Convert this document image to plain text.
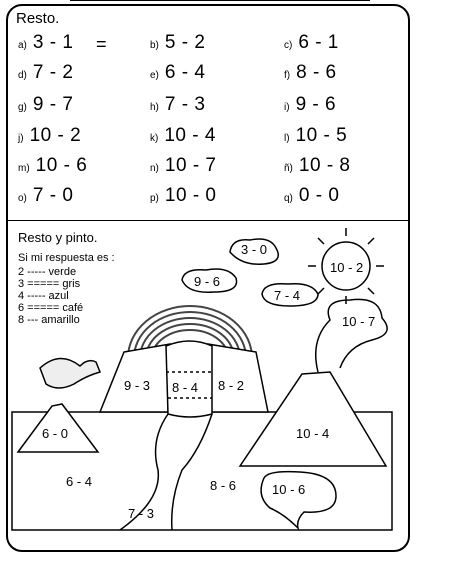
Resto.
=
a) 3 - 1	b) 5 - 2	c) 6 - 1
d) 7 - 2	e) 6 - 4	f) 8 - 6
g) 9 - 7	h) 7 - 3	i) 9 - 6
j) 10 - 2	k) 10 - 4	l) 10 - 5
m) 10 - 6	n) 10 - 7	ñ) 10 - 8
o) 7 - 0	p) 10 - 0	q) 0 - 0
Resto y pinto.
Si mi respuesta es :
2 ----- verde
3 ===== gris
4 ----- azul
6 ===== café
8 --- amarillo
3 - 0
10 - 2
9 - 6
7 - 4
10 - 7
9 - 3 8 - 4 8 - 2
6 - 0	10 - 4
6 - 4	8 - 6	10 - 6
7 - 3
